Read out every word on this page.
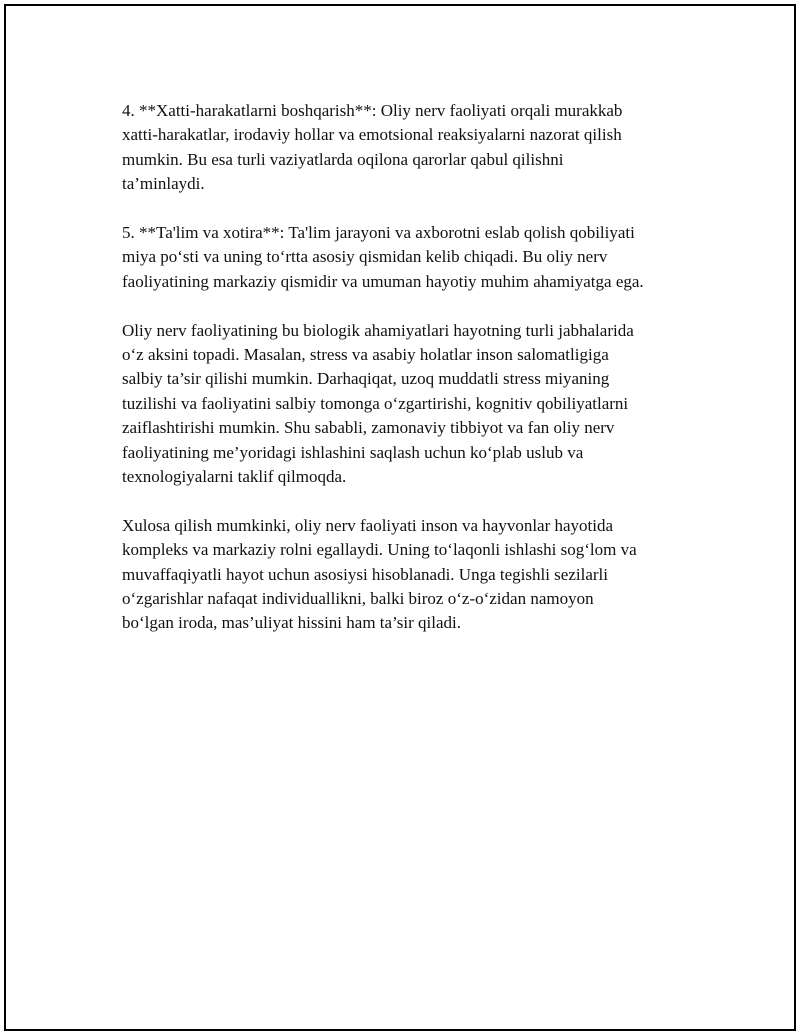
4. **Xatti-harakatlarni boshqarish**: Oliy nerv faoliyati orqali murakkab
xatti-harakatlar, irodaviy hollar va emotsional reaksiyalarni nazorat qilish
mumkin. Bu esa turli vaziyatlarda oqilona qarorlar qabul qilishni
ta’minlaydi.

5. **Ta'lim va xotira**: Ta'lim jarayoni va axborotni eslab qolish qobiliyati
miya po‘sti va uning to‘rtta asosiy qismidan kelib chiqadi. Bu oliy nerv
faoliyatining markaziy qismidir va umuman hayotiy muhim ahamiyatga ega.

Oliy nerv faoliyatining bu biologik ahamiyatlari hayotning turli jabhalarida
o‘z aksini topadi. Masalan, stress va asabiy holatlar inson salomatligiga
salbiy ta’sir qilishi mumkin. Darhaqiqat, uzoq muddatli stress miyaning
tuzilishi va faoliyatini salbiy tomonga o‘zgartirishi, kognitiv qobiliyatlarni
zaiflashtirishi mumkin. Shu sababli, zamonaviy tibbiyot va fan oliy nerv
faoliyatining me’yoridagi ishlashini saqlash uchun ko‘plab uslub va
texnologiyalarni taklif qilmoqda.

Xulosa qilish mumkinki, oliy nerv faoliyati inson va hayvonlar hayotida
kompleks va markaziy rolni egallaydi. Uning to‘laqonli ishlashi sog‘lom va
muvaffaqiyatli hayot uchun asosiysi hisoblanadi. Unga tegishli sezilarli
o‘zgarishlar nafaqat individuallikni, balki biroz o‘z-o‘zidan namoyon
bo‘lgan iroda, mas’uliyat hissini ham ta’sir qiladi.
